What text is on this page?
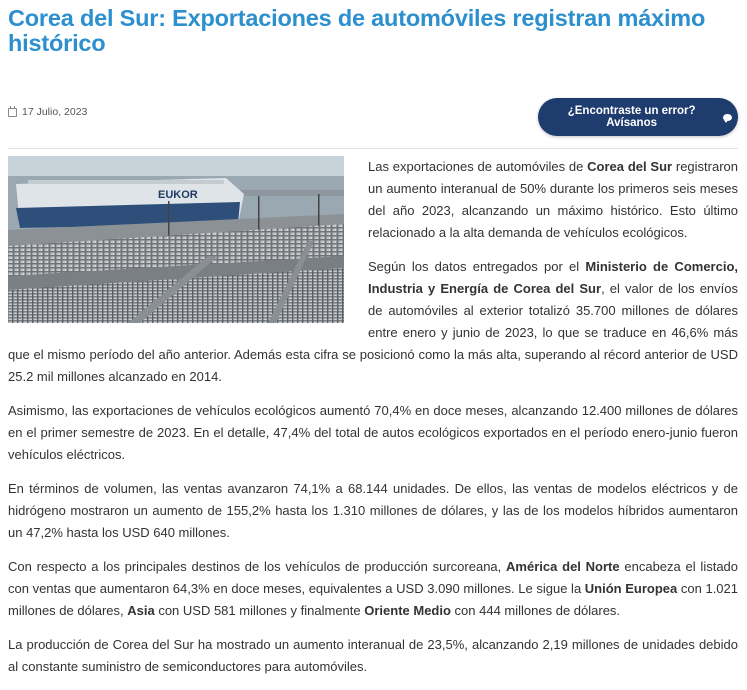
Corea del Sur: Exportaciones de automóviles registran máximo histórico
17 Julio, 2023	¿Encontraste un error? Avísanos
EUKOR

Las exportaciones de automóviles de Corea del Sur registraron un aumento interanual de 50% durante los primeros seis meses del año 2023, alcanzando un máximo histórico. Esto último relacionado a la alta demanda de vehículos ecológicos.

Según los datos entregados por el Ministerio de Comercio, Industria y Energía de Corea del Sur, el valor de los envíos de automóviles al exterior totalizó 35.700 millones de dólares entre enero y junio de 2023, lo que se traduce en 46,6% más que el mismo período del año anterior. Además esta cifra se posicionó como la más alta, superando al récord anterior de USD 25.2 mil millones alcanzado en 2014.

Asimismo, las exportaciones de vehículos ecológicos aumentó 70,4% en doce meses, alcanzando 12.400 millones de dólares en el primer semestre de 2023. En el detalle, 47,4% del total de autos ecológicos exportados en el período enero-junio fueron vehículos eléctricos.

En términos de volumen, las ventas avanzaron 74,1% a 68.144 unidades. De ellos, las ventas de modelos eléctricos y de hidrógeno mostraron un aumento de 155,2% hasta los 1.310 millones de dólares, y las de los modelos híbridos aumentaron un 47,2% hasta los USD 640 millones.

Con respecto a los principales destinos de los vehículos de producción surcoreana, América del Norte encabeza el listado con ventas que aumentaron 64,3% en doce meses, equivalentes a USD 3.090 millones. Le sigue la Unión Europea con 1.021 millones de dólares, Asia con USD 581 millones y finalmente Oriente Medio con 444 millones de dólares.

La producción de Corea del Sur ha mostrado un aumento interanual de 23,5%, alcanzando 2,19 millones de unidades debido al constante suministro de semiconductores para automóviles.
